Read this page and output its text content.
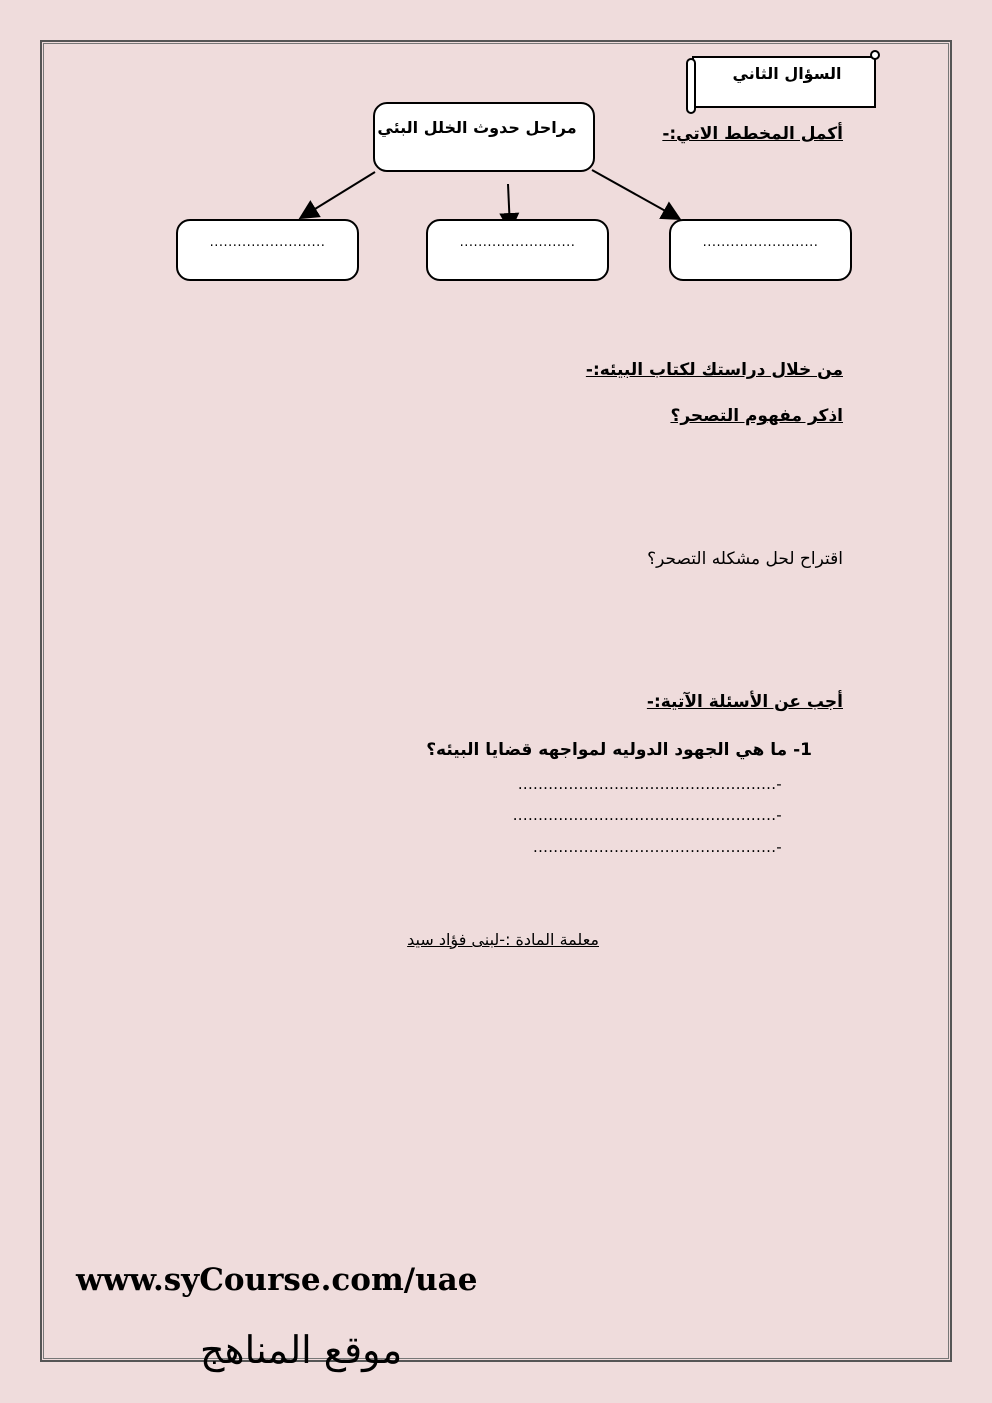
السؤال الثاني
أكمل المخطط الاتي:-
مراحل حدوث الخلل البئي
.........................	.........................	.........................
من خلال دراستك لكتاب البيئه:-
اذكر مفهوم التصحر؟
اقتراح لحل مشكله التصحر؟
أجب عن الأسئلة الآتية:-
1- ما هي الجهود الدوليه لمواجهه قضايا البيئه؟
-...................................................
-....................................................
-................................................
معلمة المادة :-لبنى فؤاد سيد
www.syCourse.com/uae
موقع المناهج
